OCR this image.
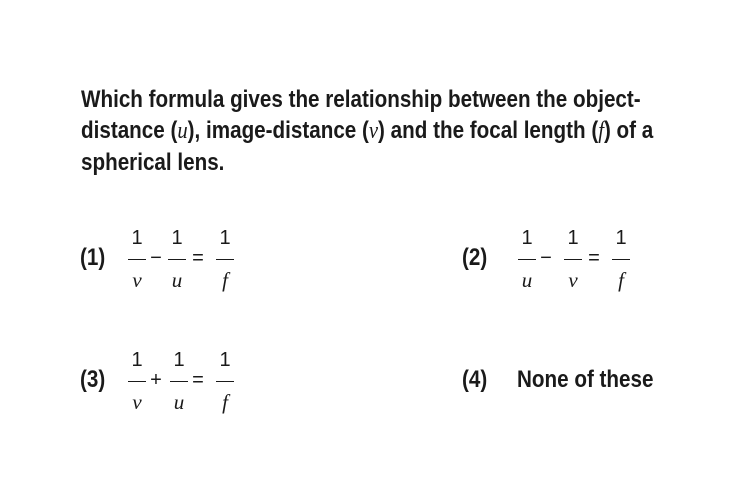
Which formula gives the relationship between the object-
distance (u), image-distance (v) and the focal length (f) of a
spherical lens.
(1)
1
v
−
1
u
=
1
f
(2)
1
u
−
1
v
=
1
f
(3)
1
v
+
1
u
=
1
f
(4) None of these
